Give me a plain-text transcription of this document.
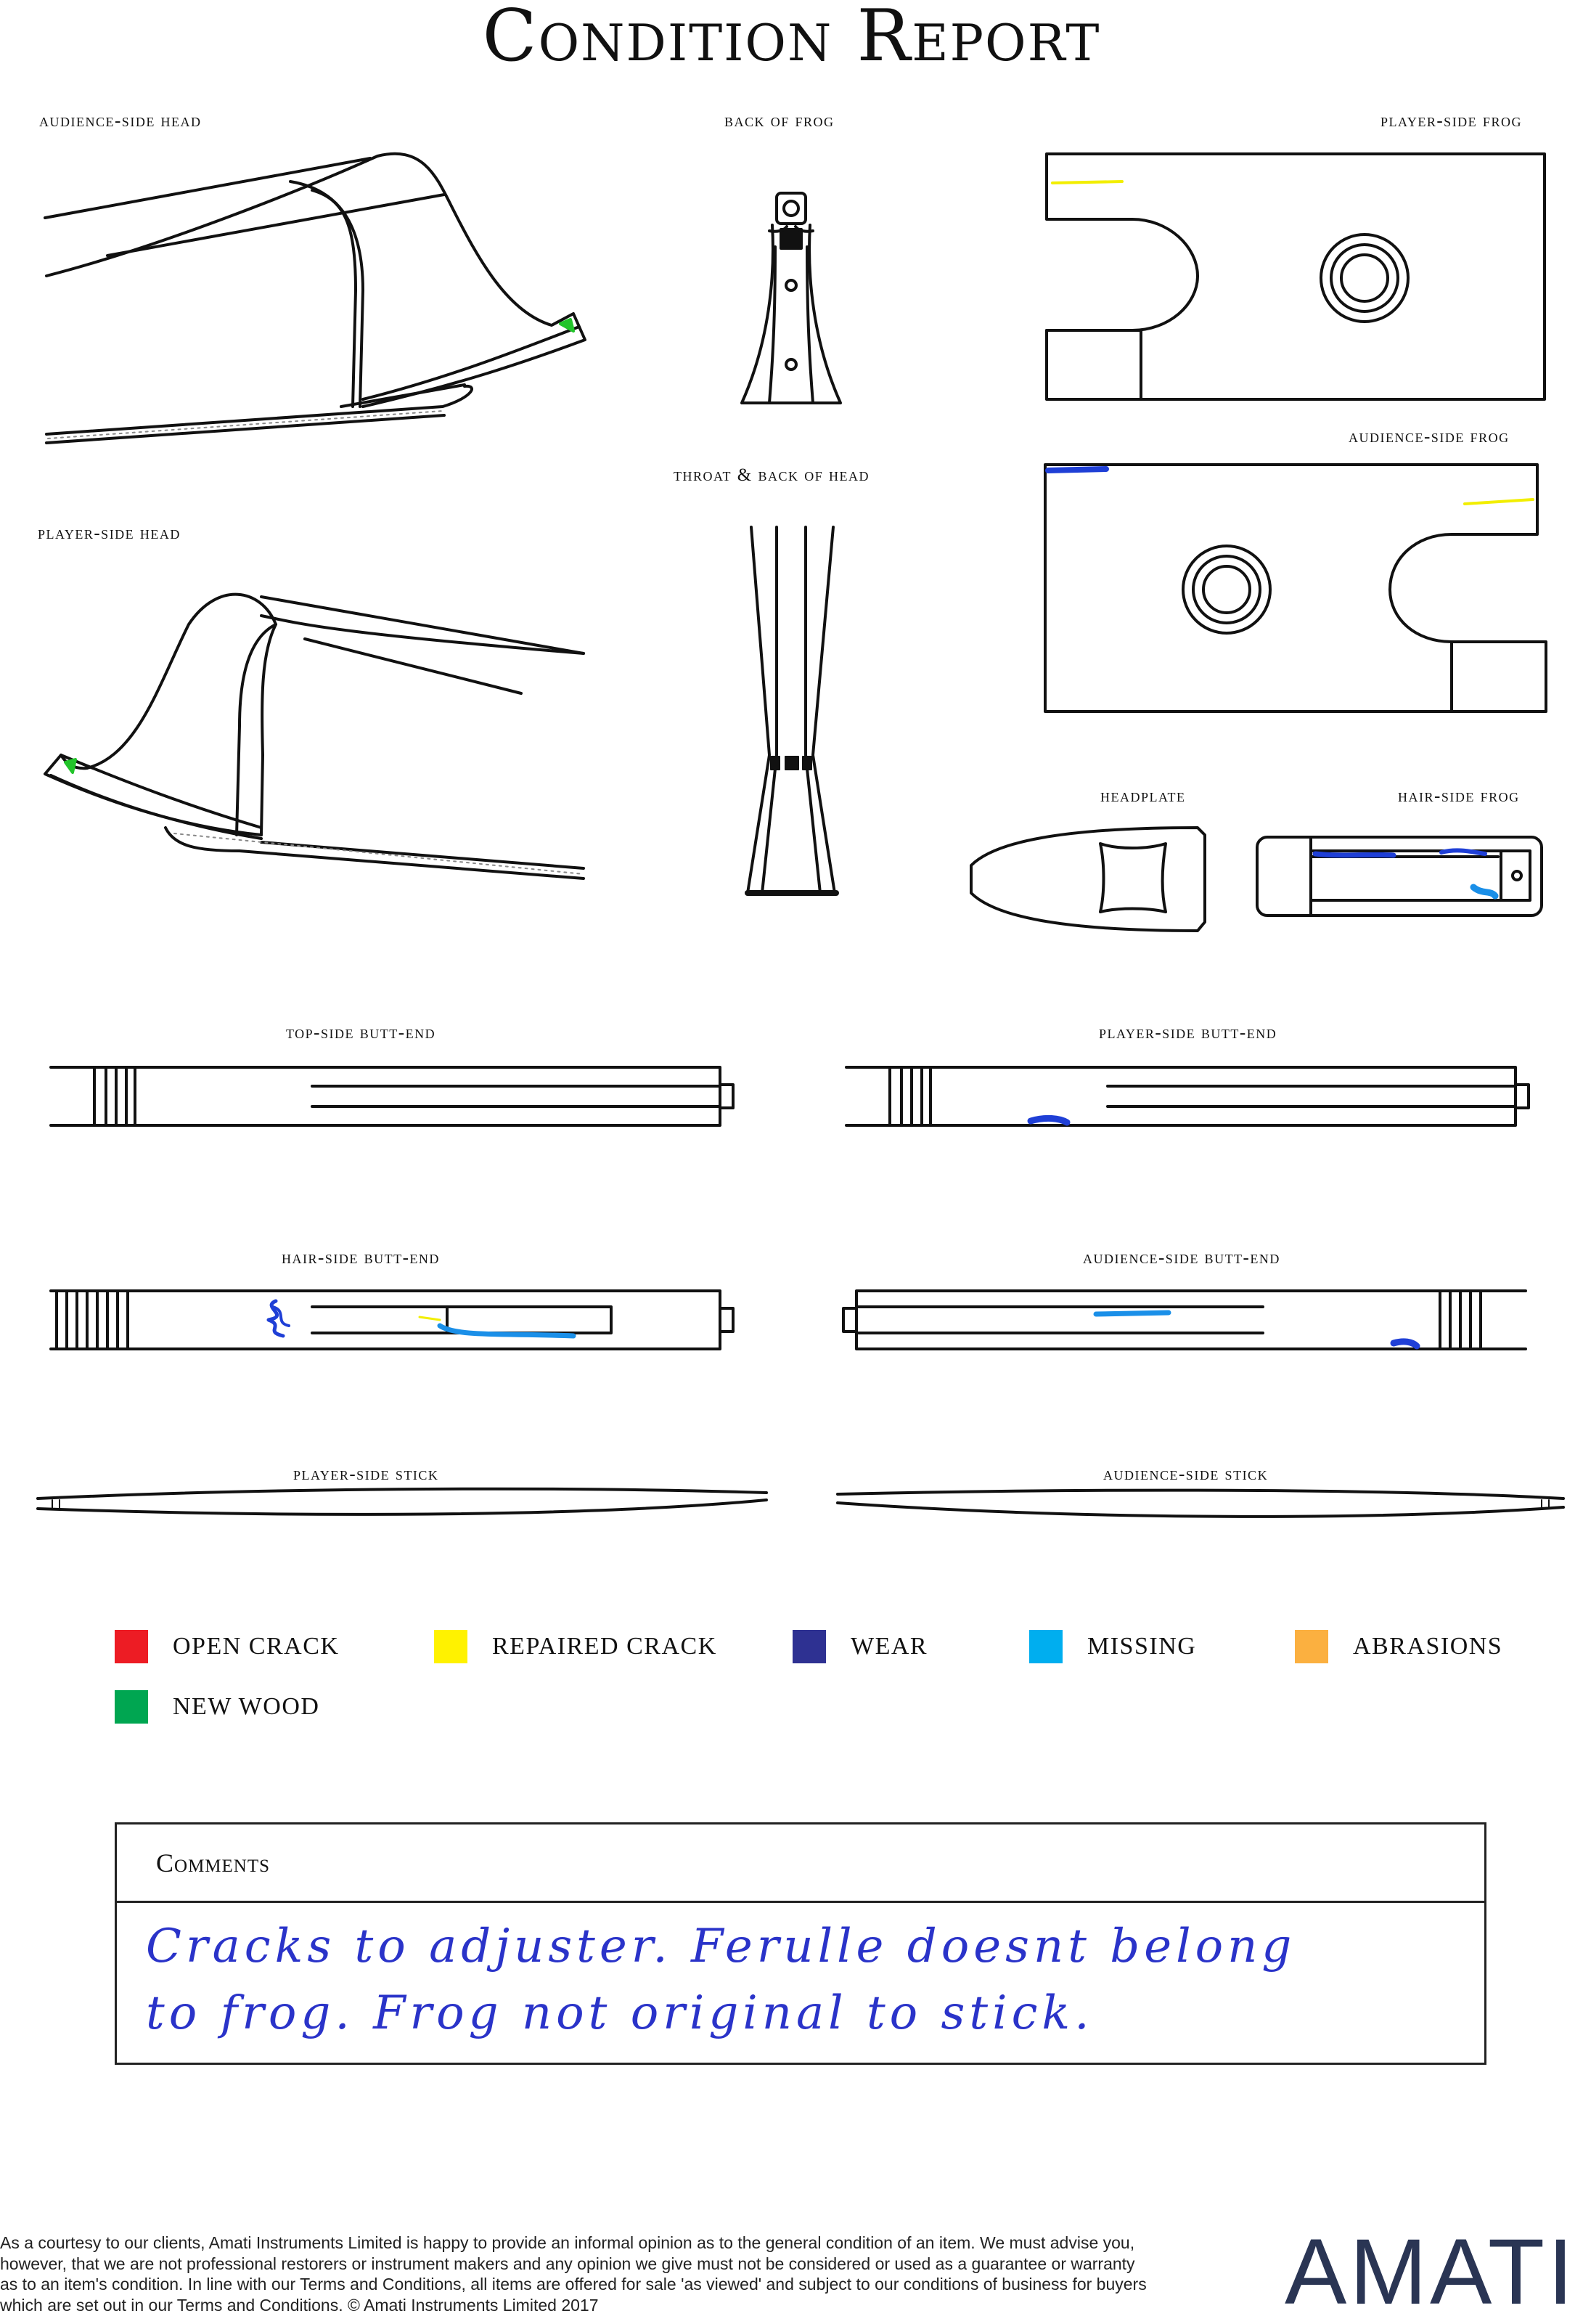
Condition Report
audience-side head	back of frog	player-side frog
throat & back of head
audience-side frog
player-side head
headplate	hair-side frog
top-side butt-end	player-side butt-end
hair-side butt-end	audience-side butt-end
player-side stick	audience-side stick
OPEN CRACK	REPAIRED CRACK	WEAR	MISSING	ABRASIONS
NEW WOOD
Comments
Cracks to adjuster. Ferulle doesnt belong
to frog. Frog not original to stick.
As a courtesy to our clients, Amati Instruments Limited is happy to provide an informal opinion as to the general condition of an item. We must advise you, however, that we are not professional restorers or instrument makers and any opinion we give must not be considered or used as a guarantee or warranty as to an item's condition. In line with our Terms and Conditions, all items are offered for sale 'as viewed' and subject to our conditions of business for buyers which are set out in our Terms and Conditions. © Amati Instruments Limited 2017	AMATI
